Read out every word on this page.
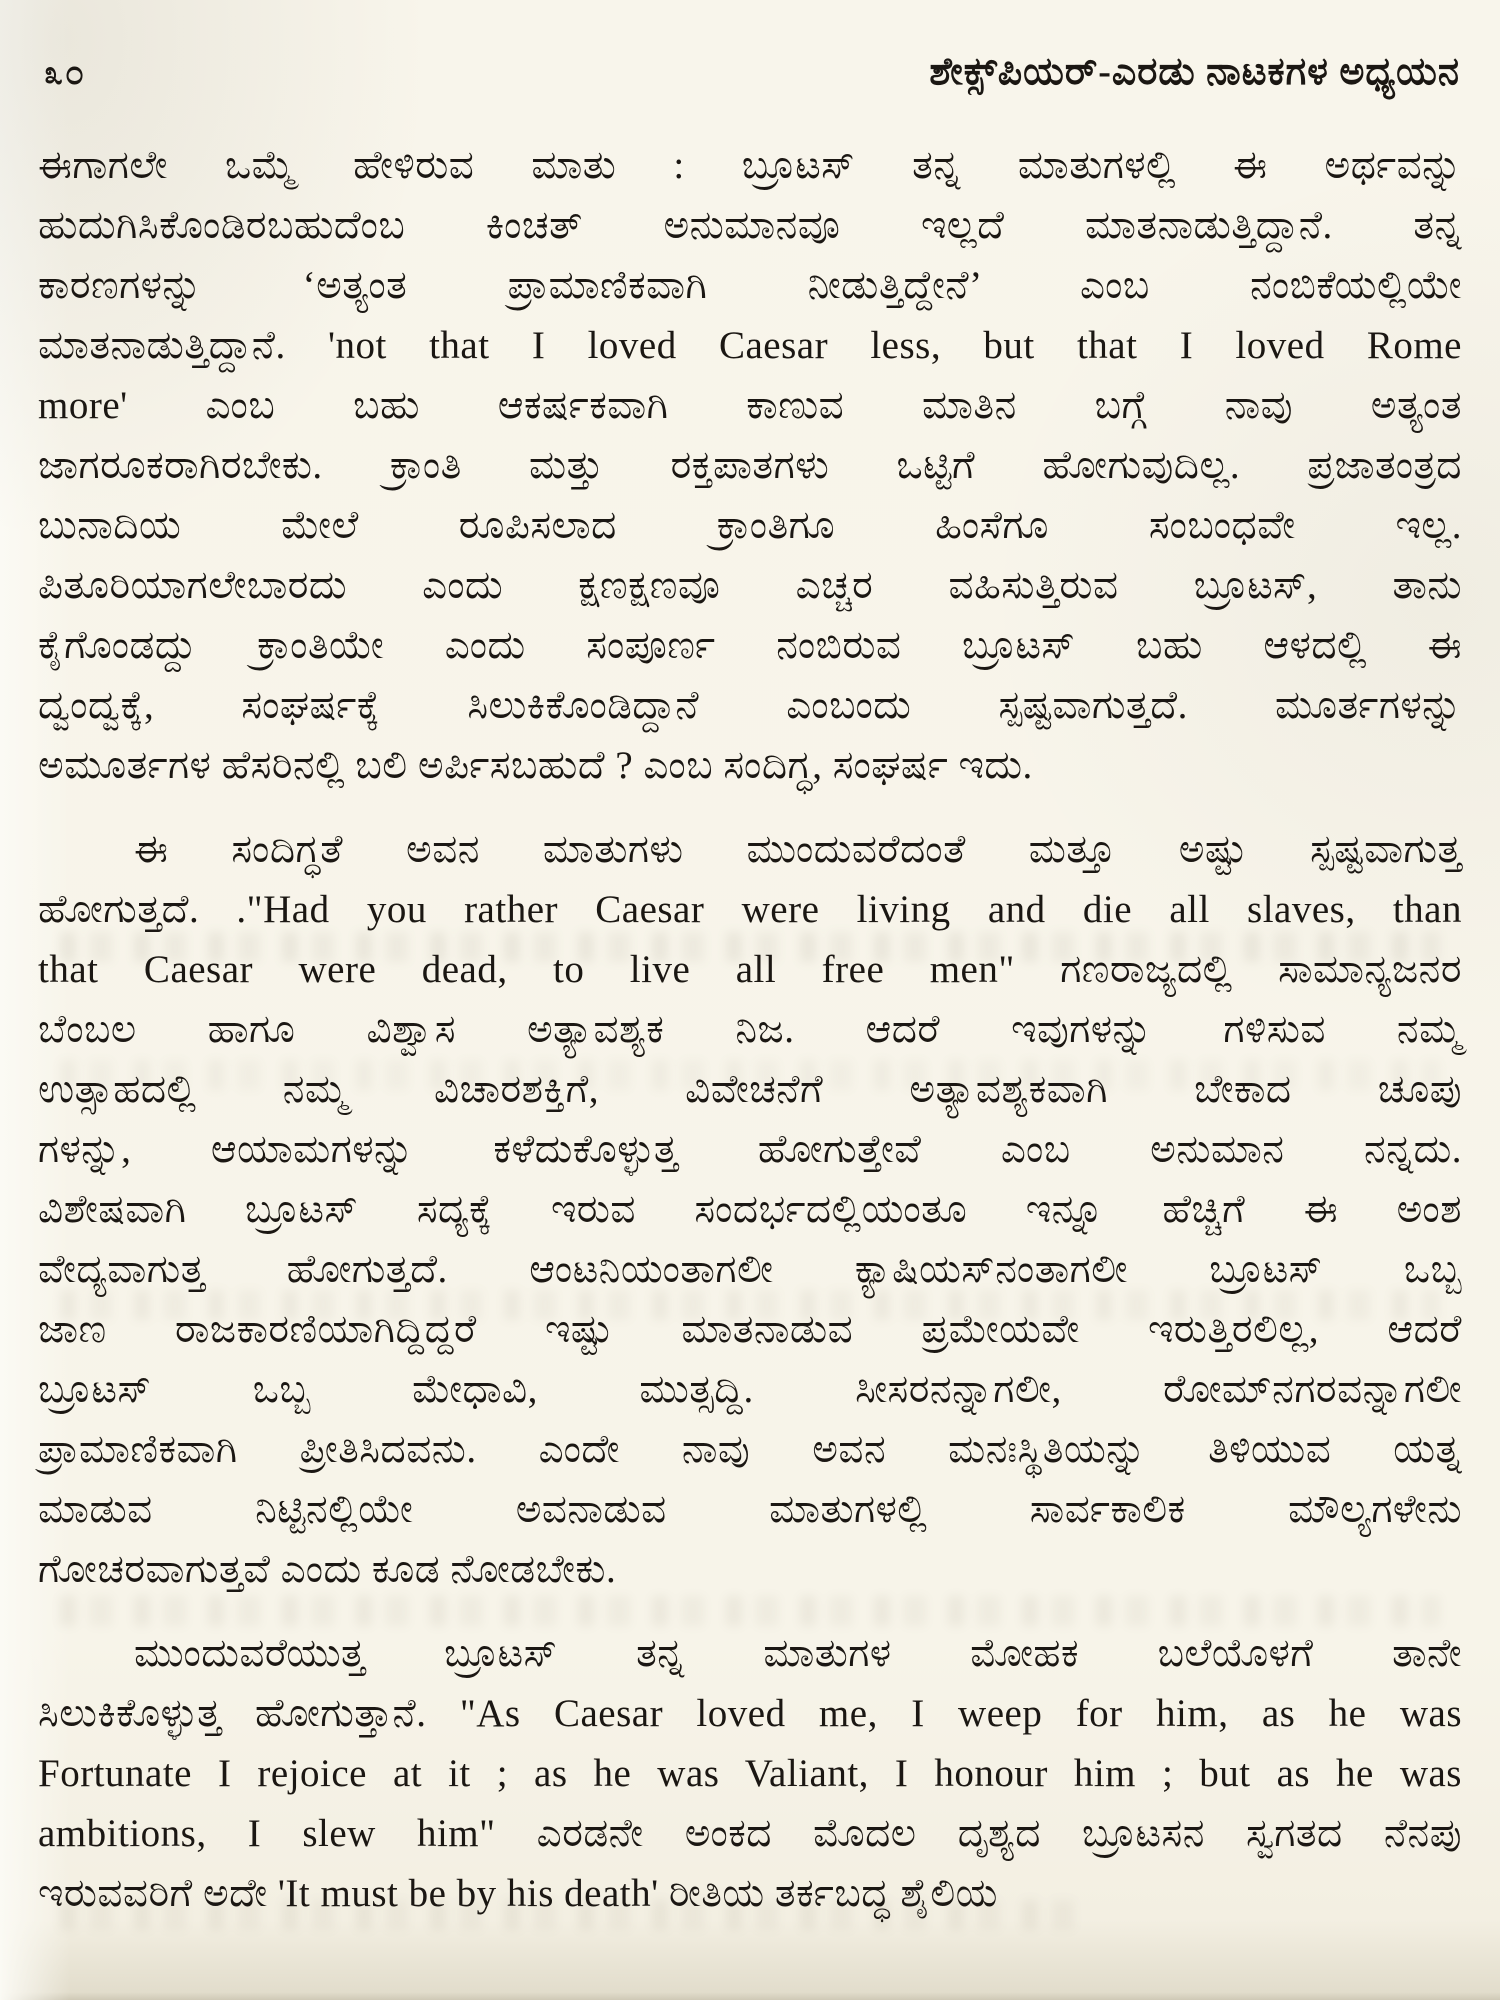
೩೦	ಶೇಕ್ಸ್‌ಪಿಯರ್-ಎರಡು ನಾಟಕಗಳ ಅಧ್ಯಯನ
ಈಗಾಗಲೇ ಒಮ್ಮೆ ಹೇಳಿರುವ ಮಾತು : ಬ್ರೂಟಸ್ ತನ್ನ ಮಾತುಗಳಲ್ಲಿ ಈ ಅರ್ಥವನ್ನು
ಹುದುಗಿಸಿಕೊಂಡಿರಬಹುದೆಂಬ ಕಿಂಚತ್ ಅನುಮಾನವೂ ಇಲ್ಲದೆ ಮಾತನಾಡುತ್ತಿದ್ದಾನೆ. ತನ್ನ
ಕಾರಣಗಳನ್ನು ‘ಅತ್ಯಂತ ಪ್ರಾಮಾಣಿಕವಾಗಿ ನೀಡುತ್ತಿದ್ದೇನೆ’ ಎಂಬ ನಂಬಿಕೆಯಲ್ಲಿಯೇ
ಮಾತನಾಡುತ್ತಿದ್ದಾನೆ. 'not that I loved Caesar less, but that I loved Rome
more' ಎಂಬ ಬಹು ಆಕರ್ಷಕವಾಗಿ ಕಾಣುವ ಮಾತಿನ ಬಗ್ಗೆ ನಾವು ಅತ್ಯಂತ
ಜಾಗರೂಕರಾಗಿರಬೇಕು. ಕ್ರಾಂತಿ ಮತ್ತು ರಕ್ತಪಾತಗಳು ಒಟ್ಟಿಗೆ ಹೋಗುವುದಿಲ್ಲ. ಪ್ರಜಾತಂತ್ರದ
ಬುನಾದಿಯ ಮೇಲೆ ರೂಪಿಸಲಾದ ಕ್ರಾಂತಿಗೂ ಹಿಂಸೆಗೂ ಸಂಬಂಧವೇ ಇಲ್ಲ.
ಪಿತೂರಿಯಾಗಲೇಬಾರದು ಎಂದು ಕ್ಷಣಕ್ಷಣವೂ ಎಚ್ಚರ ವಹಿಸುತ್ತಿರುವ ಬ್ರೂಟಸ್, ತಾನು
ಕೈಗೊಂಡದ್ದು ಕ್ರಾಂತಿಯೇ ಎಂದು ಸಂಪೂರ್ಣ ನಂಬಿರುವ ಬ್ರೂಟಸ್ ಬಹು ಆಳದಲ್ಲಿ ಈ
ದ್ವಂದ್ವಕ್ಕೆ, ಸಂಘರ್ಷಕ್ಕೆ ಸಿಲುಕಿಕೊಂಡಿದ್ದಾನೆ ಎಂಬಂದು ಸ್ಪಷ್ಟವಾಗುತ್ತದೆ. ಮೂರ್ತಗಳನ್ನು
ಅಮೂರ್ತಗಳ ಹೆಸರಿನಲ್ಲಿ ಬಲಿ ಅರ್ಪಿಸಬಹುದೆ ? ಎಂಬ ಸಂದಿಗ್ಧ, ಸಂಘರ್ಷ ಇದು.
ಈ ಸಂದಿಗ್ಧತೆ ಅವನ ಮಾತುಗಳು ಮುಂದುವರೆದಂತೆ ಮತ್ತೂ ಅಷ್ಟು ಸ್ಪಷ್ಟವಾಗುತ್ತ
ಹೋಗುತ್ತದೆ. ."Had you rather Caesar were living and die all slaves, than
that Caesar were dead, to live all free men" ಗಣರಾಜ್ಯದಲ್ಲಿ ಸಾಮಾನ್ಯಜನರ
ಬೆಂಬಲ ಹಾಗೂ ವಿಶ್ವಾಸ ಅತ್ಯಾವಶ್ಯಕ ನಿಜ. ಆದರೆ ಇವುಗಳನ್ನು ಗಳಿಸುವ ನಮ್ಮ
ಉತ್ಸಾಹದಲ್ಲಿ ನಮ್ಮ ವಿಚಾರಶಕ್ತಿಗೆ, ವಿವೇಚನೆಗೆ ಅತ್ಯಾವಶ್ಯಕವಾಗಿ ಬೇಕಾದ ಚೂಪು
ಗಳನ್ನು, ಆಯಾಮಗಳನ್ನು ಕಳೆದುಕೊಳ್ಳುತ್ತ ಹೋಗುತ್ತೇವೆ ಎಂಬ ಅನುಮಾನ ನನ್ನದು.
ವಿಶೇಷವಾಗಿ ಬ್ರೂಟಸ್ ಸದ್ಯಕ್ಕೆ ಇರುವ ಸಂದರ್ಭದಲ್ಲಿಯಂತೂ ಇನ್ನೂ ಹೆಚ್ಚಿಗೆ ಈ ಅಂಶ
ವೇದ್ಯವಾಗುತ್ತ ಹೋಗುತ್ತದೆ. ಆಂಟನಿಯಂತಾಗಲೀ ಕ್ಯಾಷಿಯಸ್‌ನಂತಾಗಲೀ ಬ್ರೂಟಸ್ ಒಬ್ಬ
ಜಾಣ ರಾಜಕಾರಣಿಯಾಗಿದ್ದಿದ್ದರೆ ಇಷ್ಟು ಮಾತನಾಡುವ ಪ್ರಮೇಯವೇ ಇರುತ್ತಿರಲಿಲ್ಲ, ಆದರೆ
ಬ್ರೂಟಸ್ ಒಬ್ಬ ಮೇಧಾವಿ, ಮುತ್ಸದ್ದಿ. ಸೀಸರನನ್ನಾಗಲೀ, ರೋಮ್‌ನಗರವನ್ನಾಗಲೀ
ಪ್ರಾಮಾಣಿಕವಾಗಿ ಪ್ರೀತಿಸಿದವನು. ಎಂದೇ ನಾವು ಅವನ ಮನಃಸ್ಥಿತಿಯನ್ನು ತಿಳಿಯುವ ಯತ್ನ
ಮಾಡುವ ನಿಟ್ಟಿನಲ್ಲಿಯೇ ಅವನಾಡುವ ಮಾತುಗಳಲ್ಲಿ ಸಾರ್ವಕಾಲಿಕ ಮೌಲ್ಯಗಳೇನು
ಗೋಚರವಾಗುತ್ತವೆ ಎಂದು ಕೂಡ ನೋಡಬೇಕು.
ಮುಂದುವರೆಯುತ್ತ ಬ್ರೂಟಸ್ ತನ್ನ ಮಾತುಗಳ ಮೋಹಕ ಬಲೆಯೊಳಗೆ ತಾನೇ
ಸಿಲುಕಿಕೊಳ್ಳುತ್ತ ಹೋಗುತ್ತಾನೆ. "As Caesar loved me, I weep for him, as he was
Fortunate I rejoice at it ; as he was Valiant, I honour him ; but as he was
ambitions, I slew him" ಎರಡನೇ ಅಂಕದ ಮೊದಲ ದೃಶ್ಯದ ಬ್ರೂಟಸನ ಸ್ವಗತದ ನೆನಪು
ಇರುವವರಿಗೆ ಅದೇ 'It must be by his death' ರೀತಿಯ ತರ್ಕಬದ್ಧ ಶೈಲಿಯ
